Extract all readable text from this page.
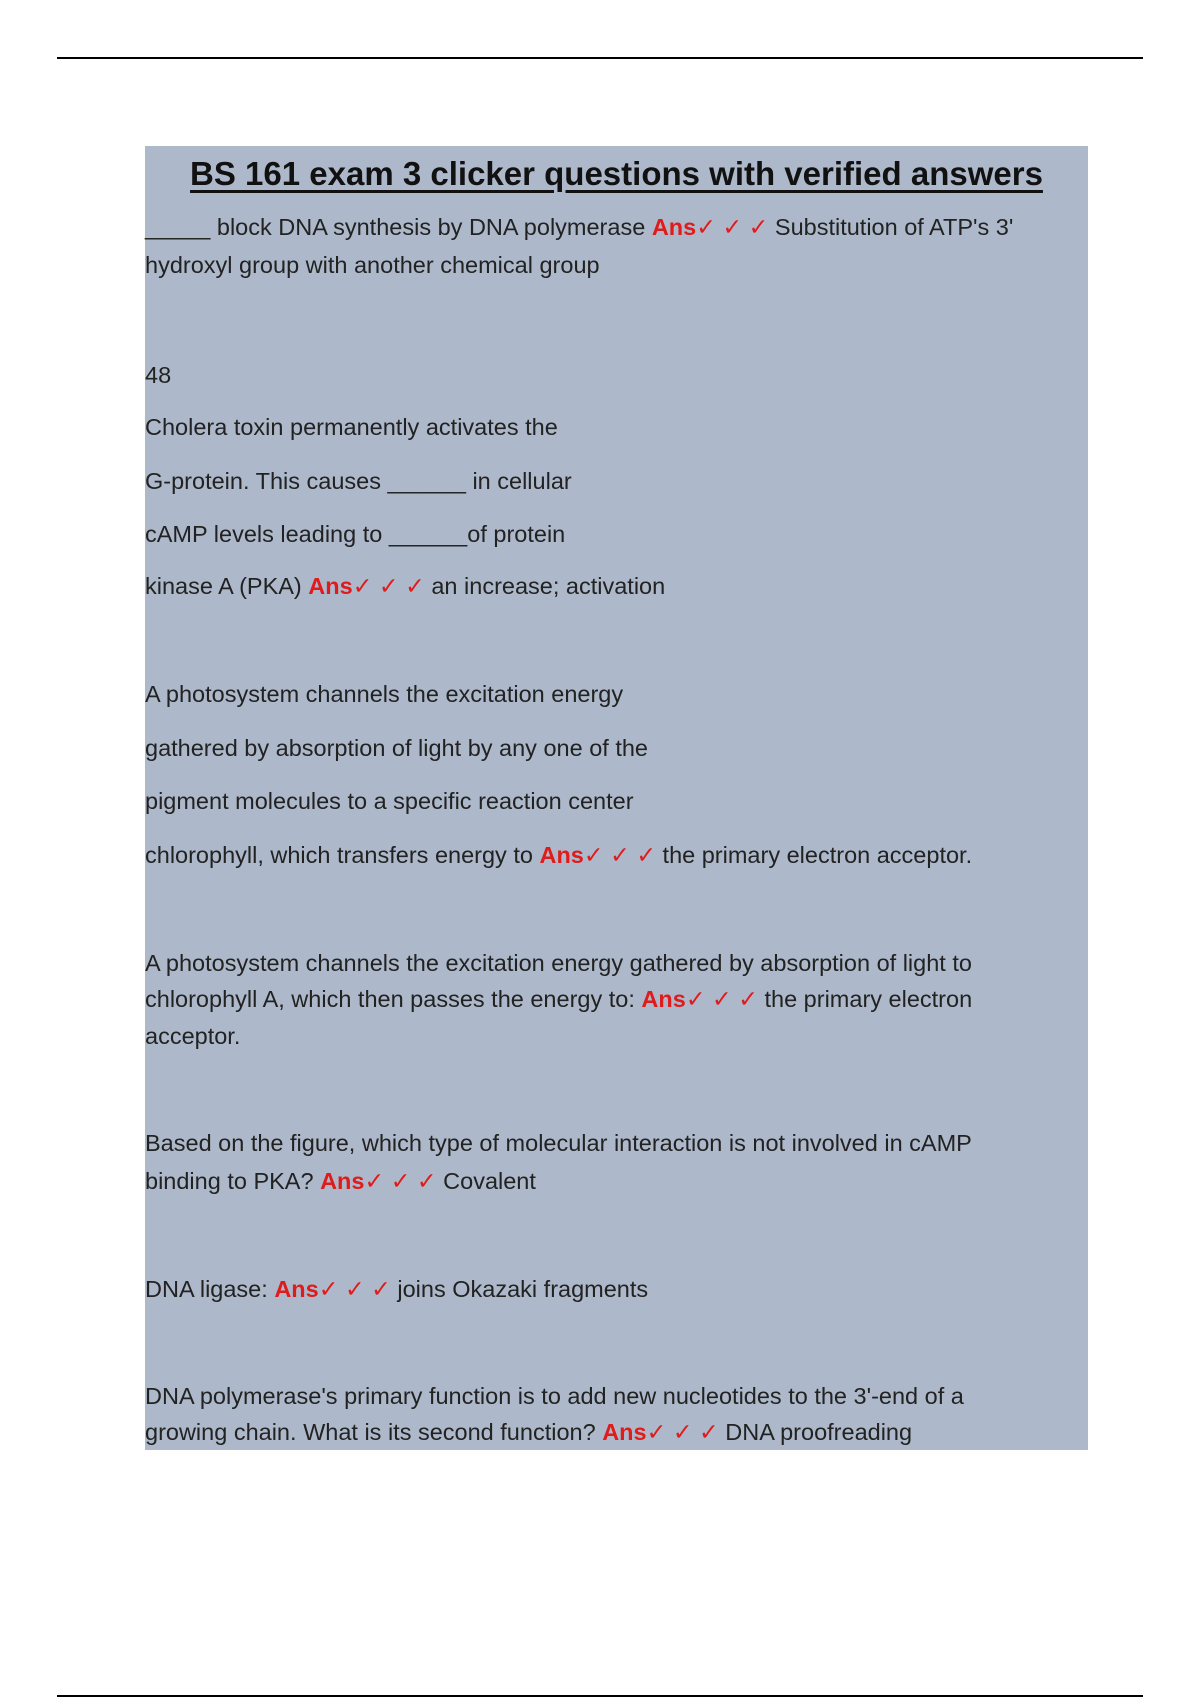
BS 161 exam 3 clicker questions with verified answers
_____ block DNA synthesis by DNA polymerase Ans✓ ✓ ✓ Substitution of ATP's 3'
hydroxyl group with another chemical group
48
Cholera toxin permanently activates the
G-protein. This causes ______ in cellular
cAMP levels leading to ______of protein
kinase A (PKA) Ans✓ ✓ ✓ an increase; activation
A photosystem channels the excitation energy
gathered by absorption of light by any one of the
pigment molecules to a specific reaction center
chlorophyll, which transfers energy to Ans✓ ✓ ✓ the primary electron acceptor.
A photosystem channels the excitation energy gathered by absorption of light to
chlorophyll A, which then passes the energy to: Ans✓ ✓ ✓ the primary electron
acceptor.
Based on the figure, which type of molecular interaction is not involved in cAMP
binding to PKA? Ans✓ ✓ ✓ Covalent
DNA ligase: Ans✓ ✓ ✓ joins Okazaki fragments
DNA polymerase's primary function is to add new nucleotides to the 3'-end of a
growing chain. What is its second function? Ans✓ ✓ ✓ DNA proofreading
